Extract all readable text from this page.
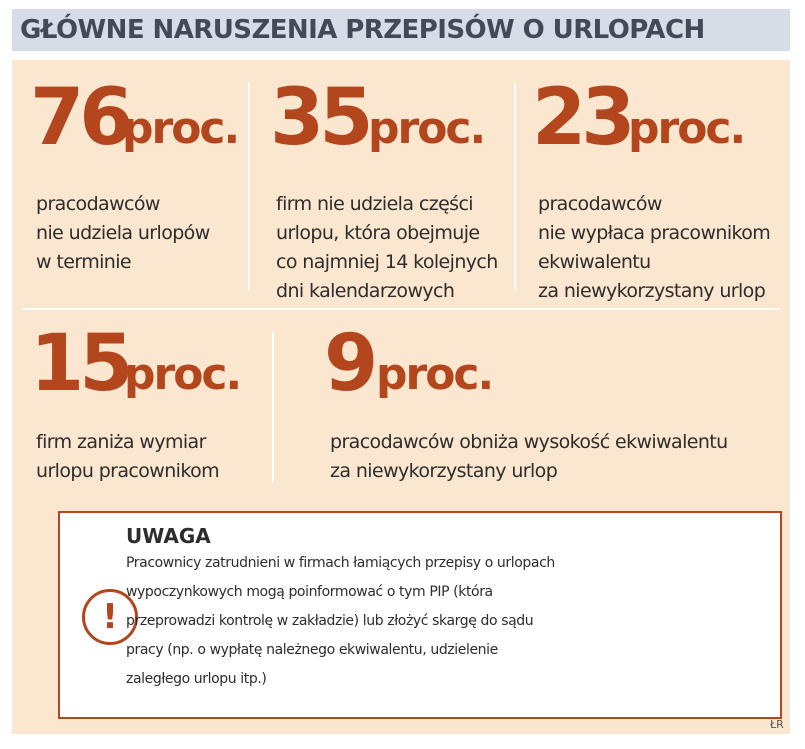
GŁÓWNE NARUSZENIA PRZEPISÓW O URLOPACH
76
proc.
pracodawców
nie udziela urlopów
w terminie
35 proc.
firm nie udziela części
urlopu, która obejmuje
co najmniej 14 kolejnych
dni kalendarzowych
23
proc.
pracodawców
nie wypłaca pracownikom
ekwiwalentu
za niewykorzystany urlop
15
proc.
firm zaniża wymiar
urlopu pracownikom
9 proc.
pracodawców obniża wysokość ekwiwalentu
za niewykorzystany urlop
!
UWAGA
Pracownicy zatrudnieni w firmach łamiących przepisy o urlopach
wypoczynkowych mogą poinformować o tym PIP (która
przeprowadzi kontrolę w zakładzie) lub złożyć skargę do sądu
pracy (np. o wypłatę należnego ekwiwalentu, udzielenie
zaległego urlopu itp.)
ŁR
